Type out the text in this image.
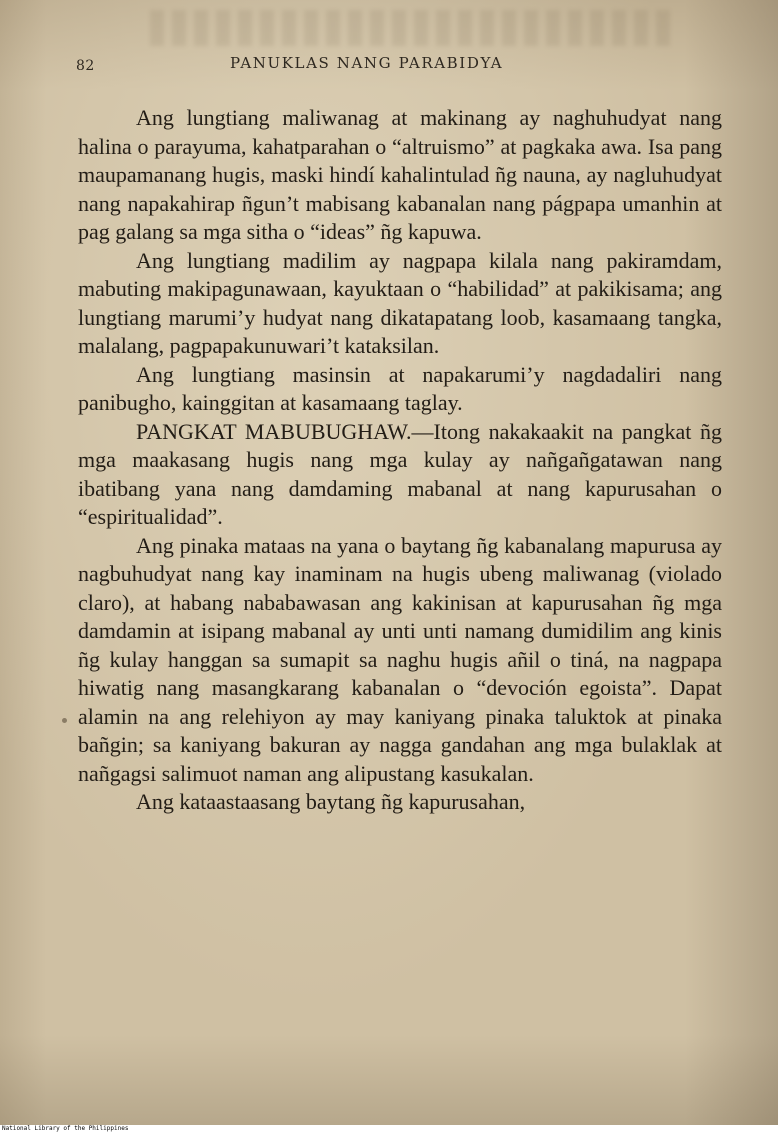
82	PANUKLAS NANG PARABIDYA

Ang lungtiang maliwanag at makinang ay naghuhudyat nang halina o parayuma, kahatparahan o “altruismo” at pagkaka awa. Isa pang maupamanang hugis, maski hindí kahalintulad ñg nauna, ay nagluhudyat nang napakahirap ñgun’t mabisang kabanalan nang págpapa umanhin at pag galang sa mga sitha o “ideas” ñg kapuwa.

Ang lungtiang madilim ay nagpapa kilala nang pakiramdam, mabuting makipagunawaan, kayuktaan o “habilidad” at pakikisama; ang lungtiang marumi’y hudyat nang dikatapatang loob, kasamaang tangka, malalang, pagpapakunuwari’t kataksilan.

Ang lungtiang masinsin at napakarumi’y nagdadaliri nang panibugho, kainggitan at kasamaang taglay.

PANGKAT MABUBUGHAW.—Itong nakakaakit na pangkat ñg mga maakasang hugis nang mga kulay ay nañgañgatawan nang ibatibang yana nang damdaming mabanal at nang kapurusahan o “espiritualidad”.

Ang pinaka mataas na yana o baytang ñg kabanalang mapurusa ay nagbuhudyat nang kay inaminam na hugis ubeng maliwanag (violado claro), at habang nababawasan ang kakinisan at kapurusahan ñg mga damdamin at isipang mabanal ay unti unti namang dumidilim ang kinis ñg kulay hanggan sa sumapit sa naghu hugis añil o tiná, na nagpapa hiwatig nang masangkarang kabanalan o “devoción egoista”. Dapat alamin na ang relehiyon ay may kaniyang pinaka taluktok at pinaka bañgin; sa kaniyang bakuran ay nagga gandahan ang mga bulaklak at nañgagsi salimuot naman ang alipustang kasukalan.

Ang kataastaasang baytang ñg kapurusahan,

National Library of the Philippines
